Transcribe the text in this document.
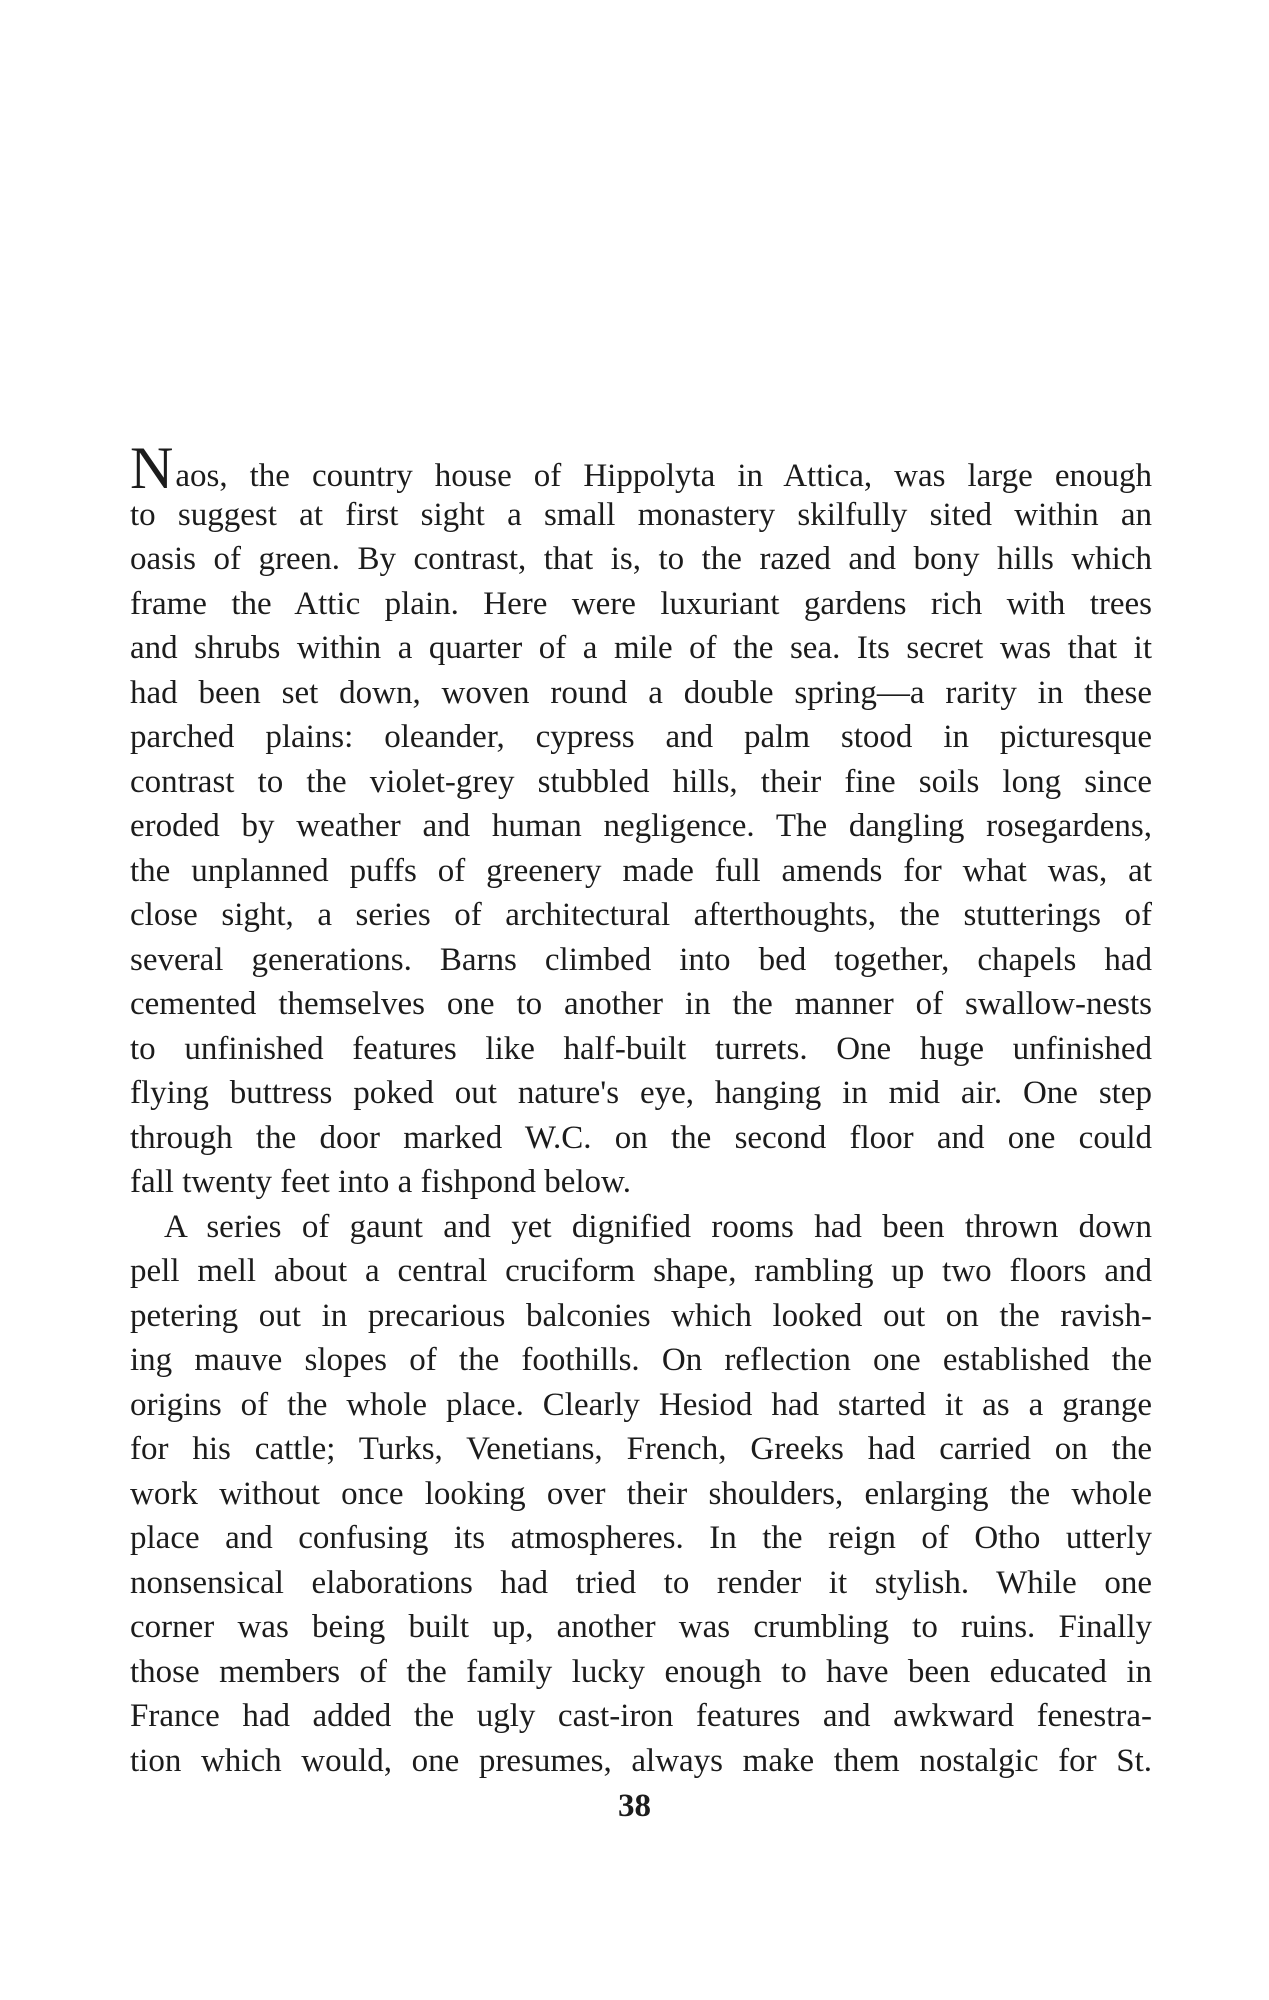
Naos, the country house of Hippolyta in Attica, was large enough
to suggest at first sight a small monastery skilfully sited within an
oasis of green. By contrast, that is, to the razed and bony hills which
frame the Attic plain. Here were luxuriant gardens rich with trees
and shrubs within a quarter of a mile of the sea. Its secret was that it
had been set down, woven round a double spring—a rarity in these
parched plains: oleander, cypress and palm stood in picturesque
contrast to the violet-grey stubbled hills, their fine soils long since
eroded by weather and human negligence. The dangling rosegardens,
the unplanned puffs of greenery made full amends for what was, at
close sight, a series of architectural afterthoughts, the stutterings of
several generations. Barns climbed into bed together, chapels had
cemented themselves one to another in the manner of swallow-nests
to unfinished features like half-built turrets. One huge unfinished
flying buttress poked out nature's eye, hanging in mid air. One step
through the door marked W.C. on the second floor and one could
fall twenty feet into a fishpond below.
A series of gaunt and yet dignified rooms had been thrown down
pell mell about a central cruciform shape, rambling up two floors and
petering out in precarious balconies which looked out on the ravish-
ing mauve slopes of the foothills. On reflection one established the
origins of the whole place. Clearly Hesiod had started it as a grange
for his cattle; Turks, Venetians, French, Greeks had carried on the
work without once looking over their shoulders, enlarging the whole
place and confusing its atmospheres. In the reign of Otho utterly
nonsensical elaborations had tried to render it stylish. While one
corner was being built up, another was crumbling to ruins. Finally
those members of the family lucky enough to have been educated in
France had added the ugly cast-iron features and awkward fenestra-
tion which would, one presumes, always make them nostalgic for St.
38
